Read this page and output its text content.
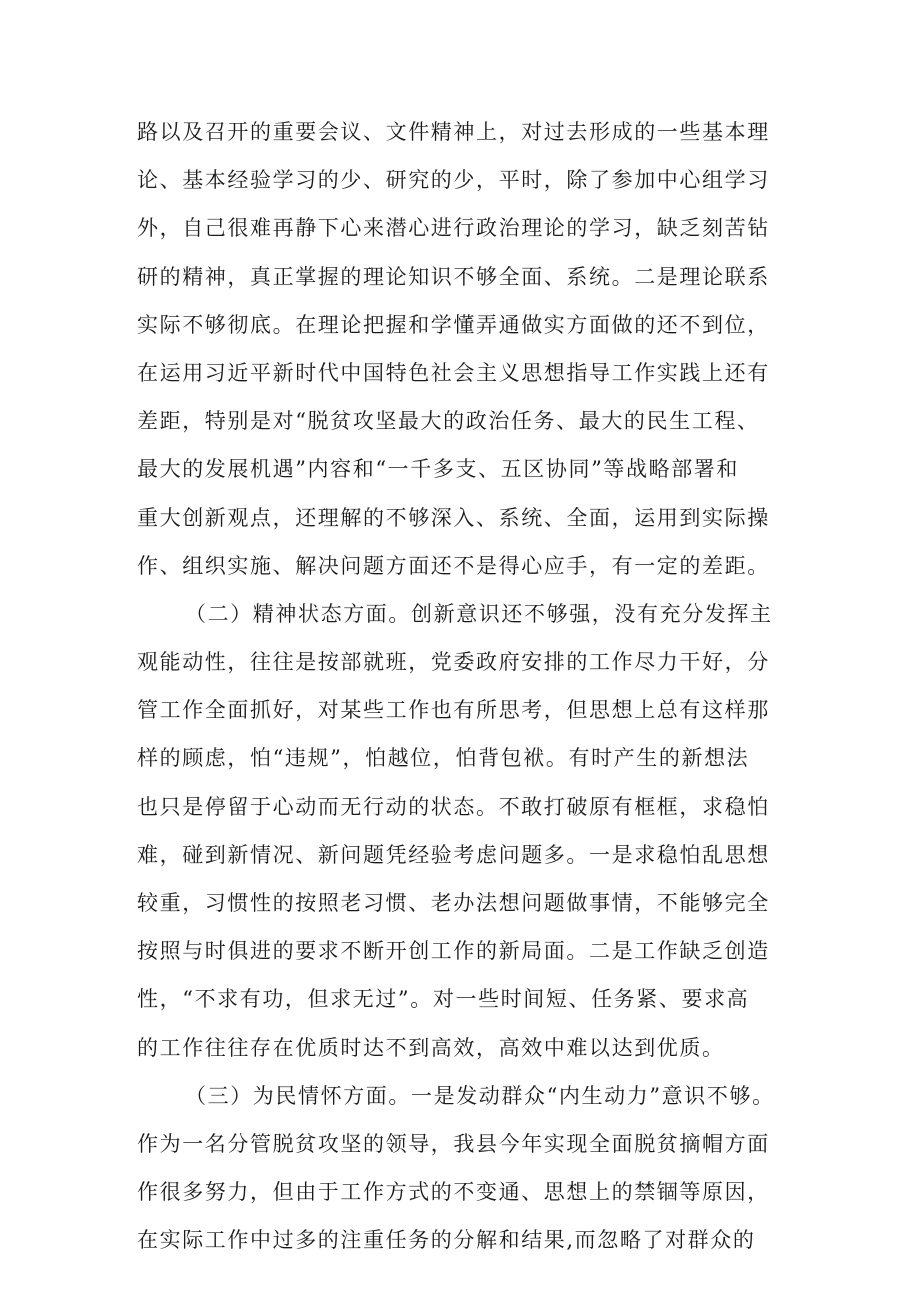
路以及召开的重要会议、文件精神上，对过去形成的一些基本理
论、基本经验学习的少、研究的少，平时，除了参加中心组学习
外，自己很难再静下心来潜心进行政治理论的学习，缺乏刻苦钻
研的精神，真正掌握的理论知识不够全面、系统。二是理论联系
实际不够彻底。在理论把握和学懂弄通做实方面做的还不到位，
在运用习近平新时代中国特色社会主义思想指导工作实践上还有
差距，特别是对“脱贫攻坚最大的政治任务、最大的民生工程、
最大的发展机遇”内容和“一千多支、五区协同”等战略部署和
重大创新观点，还理解的不够深入、系统、全面，运用到实际操
作、组织实施、解决问题方面还不是得心应手，有一定的差距。
（二）精神状态方面。创新意识还不够强，没有充分发挥主
观能动性，往往是按部就班，党委政府安排的工作尽力干好，分
管工作全面抓好，对某些工作也有所思考，但思想上总有这样那
样的顾虑，怕“违规”，怕越位，怕背包袱。有时产生的新想法
也只是停留于心动而无行动的状态。不敢打破原有框框，求稳怕
难，碰到新情况、新问题凭经验考虑问题多。一是求稳怕乱思想
较重，习惯性的按照老习惯、老办法想问题做事情，不能够完全
按照与时俱进的要求不断开创工作的新局面。二是工作缺乏创造
性，“不求有功，但求无过”。对一些时间短、任务紧、要求高
的工作往往存在优质时达不到高效，高效中难以达到优质。
（三）为民情怀方面。一是发动群众“内生动力”意识不够。
作为一名分管脱贫攻坚的领导，我县今年实现全面脱贫摘帽方面
作很多努力，但由于工作方式的不变通、思想上的禁锢等原因，
在实际工作中过多的注重任务的分解和结果,而忽略了对群众的
